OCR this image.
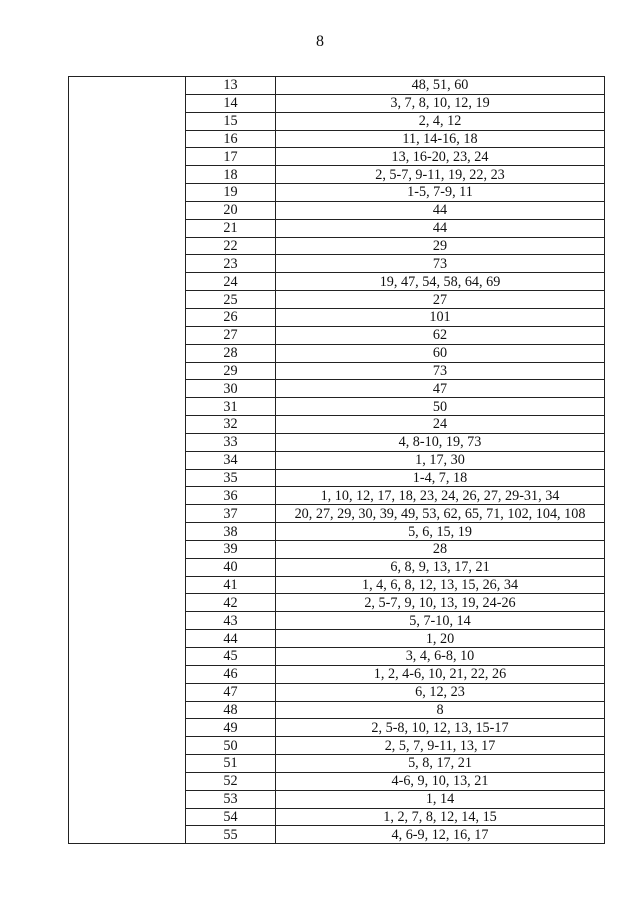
8
	13	48, 51, 60
	14	3, 7, 8, 10, 12, 19
	15	2, 4, 12
	16	11, 14-16, 18
	17	13, 16-20, 23, 24
	18	2, 5-7, 9-11, 19, 22, 23
	19	1-5, 7-9, 11
	20	44
	21	44
	22	29
	23	73
	24	19, 47, 54, 58, 64, 69
	25	27
	26	101
	27	62
	28	60
	29	73
	30	47
	31	50
	32	24
	33	4, 8-10, 19, 73
	34	1, 17, 30
	35	1-4, 7, 18
	36	1, 10, 12, 17, 18, 23, 24, 26, 27, 29-31, 34
	37	20, 27, 29, 30, 39, 49, 53, 62, 65, 71, 102, 104, 108
	38	5, 6, 15, 19
	39	28
	40	6, 8, 9, 13, 17, 21
	41	1, 4, 6, 8, 12, 13, 15, 26, 34
	42	2, 5-7, 9, 10, 13, 19, 24-26
	43	5, 7-10, 14
	44	1, 20
	45	3, 4, 6-8, 10
	46	1, 2, 4-6, 10, 21, 22, 26
	47	6, 12, 23
	48	8
	49	2, 5-8, 10, 12, 13, 15-17
	50	2, 5, 7, 9-11, 13, 17
	51	5, 8, 17, 21
	52	4-6, 9, 10, 13, 21
	53	1, 14
	54	1, 2, 7, 8, 12, 14, 15
	55	4, 6-9, 12, 16, 17
